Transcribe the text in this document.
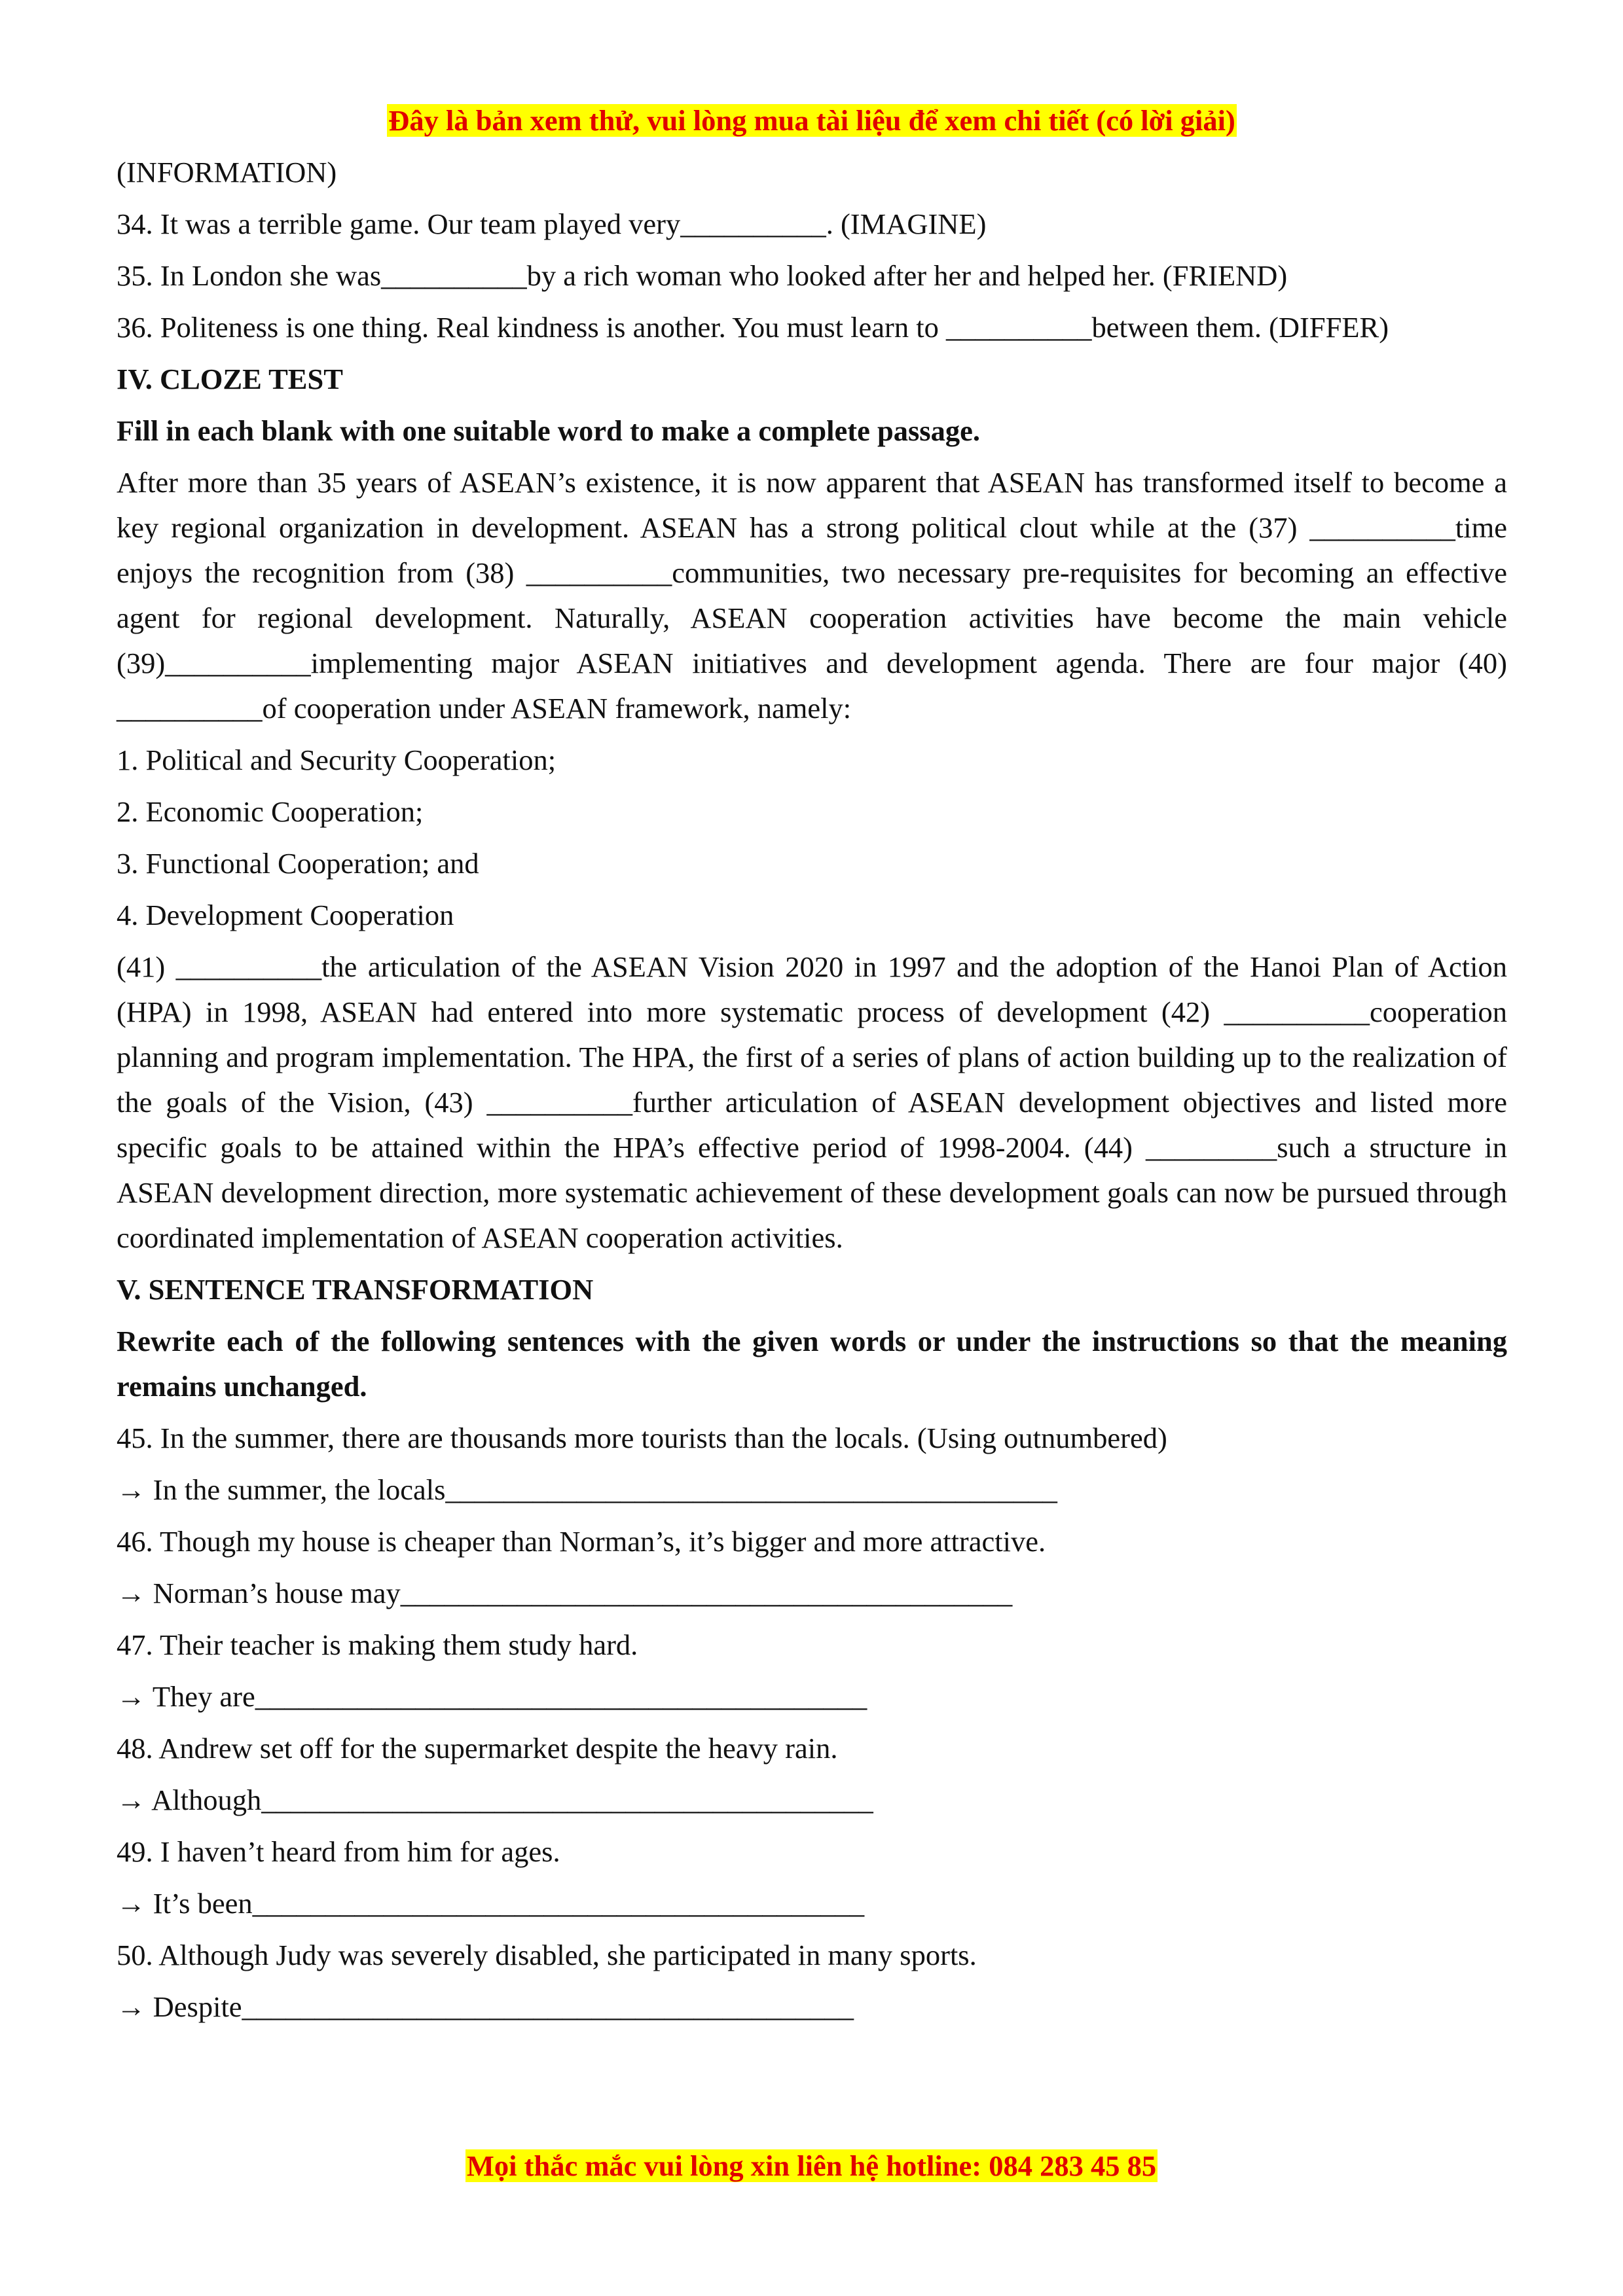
Đây là bản xem thử, vui lòng mua tài liệu để xem chi tiết (có lời giải)
(INFORMATION)
34. It was a terrible game. Our team played very__________. (IMAGINE)
35. In London she was__________by a rich woman who looked after her and helped her. (FRIEND)
36. Politeness is one thing. Real kindness is another. You must learn to __________between them. (DIFFER)
IV. CLOZE TEST
Fill in each blank with one suitable word to make a complete passage.
After more than 35 years of ASEAN’s existence, it is now apparent that ASEAN has transformed itself to become a key regional organization in development. ASEAN has a strong political clout while at the (37) __________time enjoys the recognition from (38) __________communities, two necessary pre-requisites for becoming an effective agent for regional development. Naturally, ASEAN cooperation activities have become the main vehicle (39)__________implementing major ASEAN initiatives and development agenda. There are four major (40) __________of cooperation under ASEAN framework, namely:
1. Political and Security Cooperation;
2. Economic Cooperation;
3. Functional Cooperation; and
4. Development Cooperation
(41) __________the articulation of the ASEAN Vision 2020 in 1997 and the adoption of the Hanoi Plan of Action (HPA) in 1998, ASEAN had entered into more systematic process of development (42) __________cooperation planning and program implementation. The HPA, the first of a series of plans of action building up to the realization of the goals of the Vision, (43) __________further articulation of ASEAN development objectives and listed more specific goals to be attained within the HPA’s effective period of 1998-2004. (44) _________such a structure in ASEAN development direction, more systematic achievement of these development goals can now be pursued through coordinated implementation of ASEAN cooperation activities.
V. SENTENCE TRANSFORMATION
Rewrite each of the following sentences with the given words or under the instructions so that the meaning remains unchanged.
45. In the summer, there are thousands more tourists than the locals. (Using outnumbered)
→ In the summer, the locals__________________________________________
46. Though my house is cheaper than Norman’s, it’s bigger and more attractive.
→ Norman’s house may__________________________________________
47. Their teacher is making them study hard.
→ They are__________________________________________
48. Andrew set off for the supermarket despite the heavy rain.
→ Although__________________________________________
49. I haven’t heard from him for ages.
→ It’s been__________________________________________
50. Although Judy was severely disabled, she participated in many sports.
→ Despite__________________________________________
Mọi thắc mắc vui lòng xin liên hệ hotline: 084 283 45 85
